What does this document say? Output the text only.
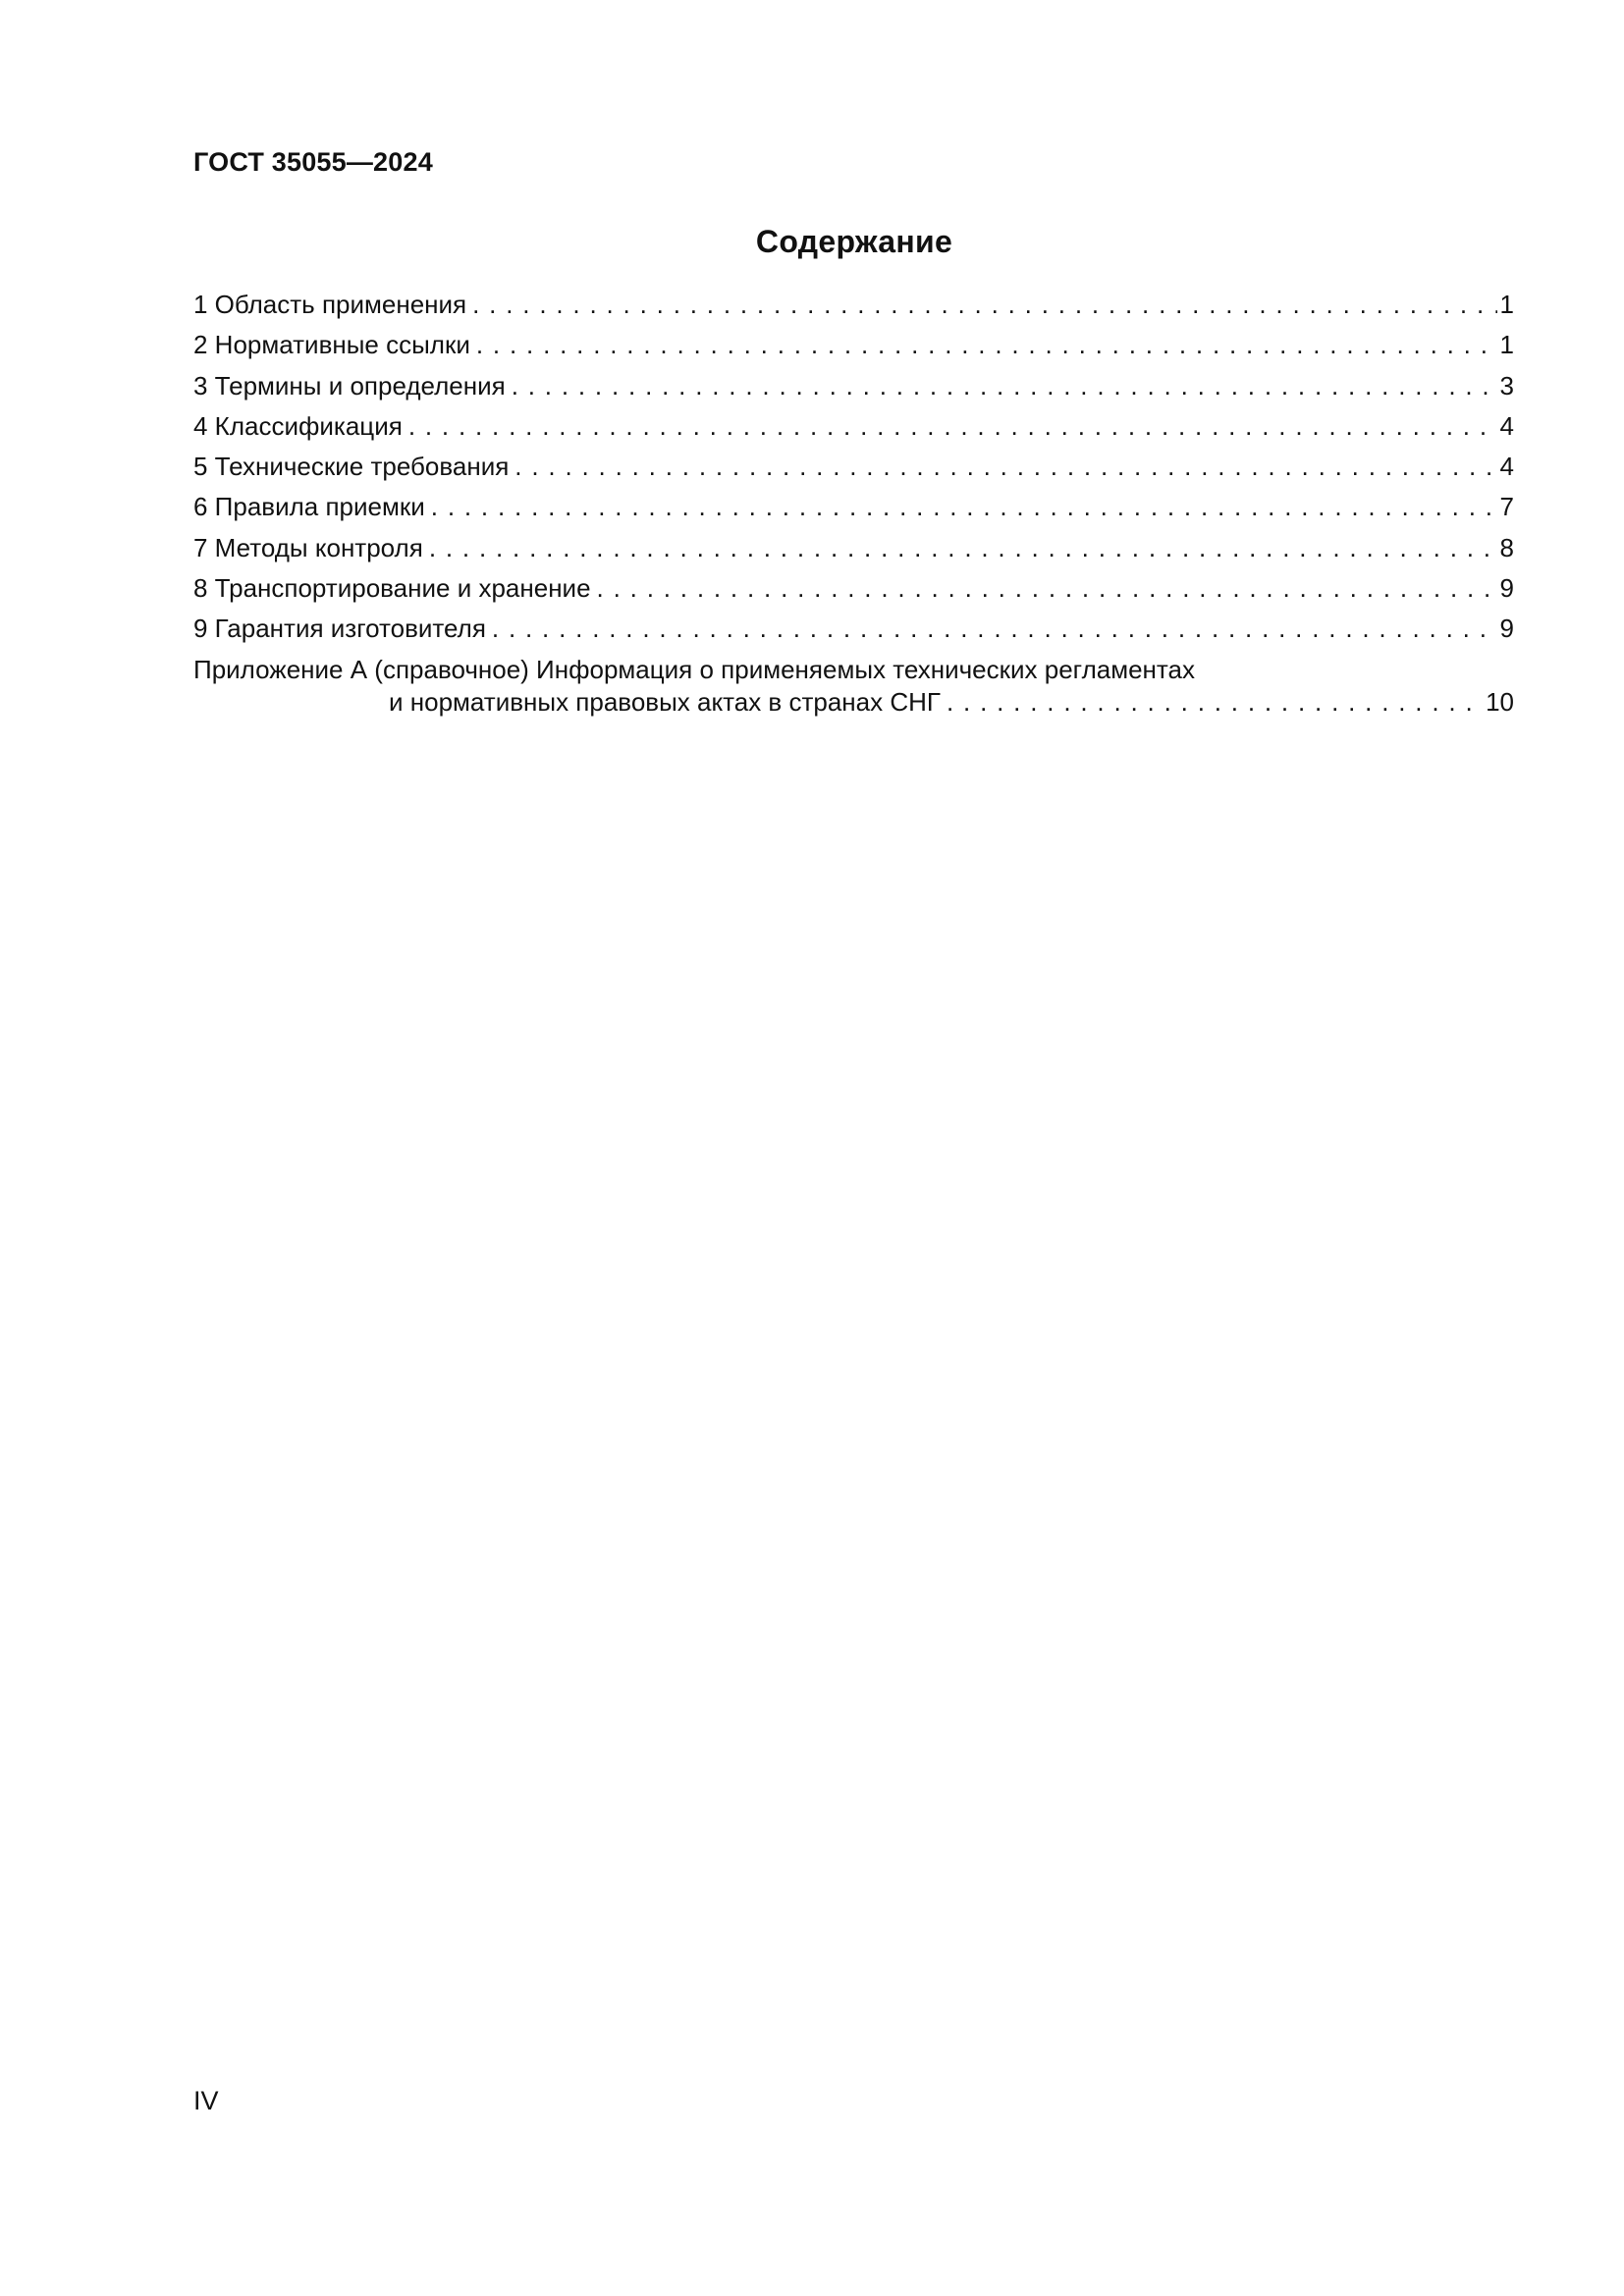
ГОСТ 35055—2024
Содержание
1 Область применения . . .	1
2 Нормативные ссылки . . .	1
3 Термины и определения . . .	3
4 Классификация . . .	4
5 Технические требования . . .	4
6 Правила приемки . . .	7
7 Методы контроля . . .	8
8 Транспортирование и хранение . . .	9
9 Гарантия изготовителя . . .	9
Приложение А (справочное) Информация о применяемых технических регламентах
и нормативных правовых актах в странах СНГ . . .	10
IV
